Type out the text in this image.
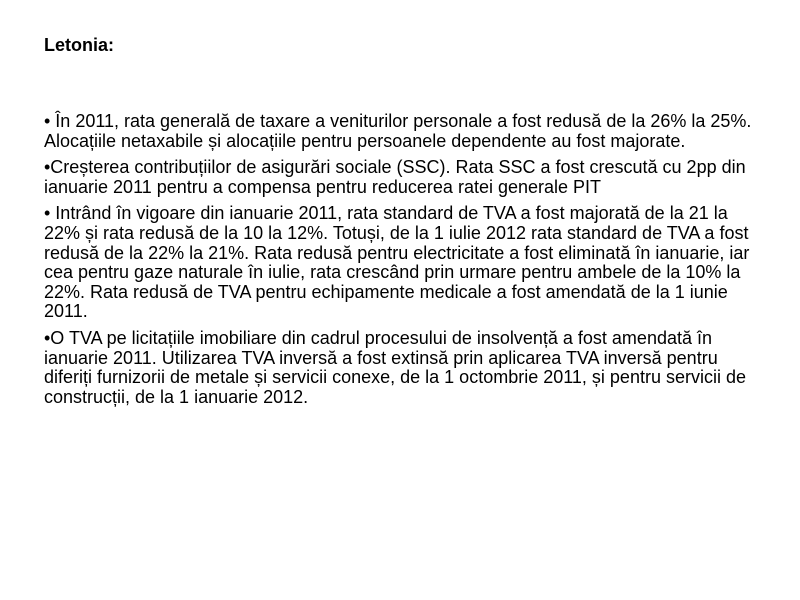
Letonia:
• În 2011, rata generală de taxare a veniturilor personale a fost redusă de la 26% la 25%. Alocațiile netaxabile și alocațiile pentru persoanele dependente au fost majorate.
•Creșterea contribuțiilor de asigurări sociale (SSC). Rata SSC a fost crescută cu 2pp din ianuarie 2011 pentru a compensa pentru reducerea ratei generale PIT
• Intrând în vigoare din ianuarie 2011, rata standard de TVA a fost majorată de la 21 la 22% și rata redusă de la 10 la 12%. Totuși, de la 1 iulie 2012 rata standard de TVA a fost redusă de la 22% la 21%. Rata redusă pentru electricitate a fost eliminată în ianuarie, iar cea pentru gaze naturale în iulie, rata crescând prin urmare pentru ambele de la 10% la 22%. Rata redusă de TVA pentru echipamente medicale a fost amendată de la 1 iunie 2011.
•O TVA pe licitațiile imobiliare din cadrul procesului de insolvență a fost amendată în ianuarie 2011. Utilizarea TVA inversă a fost extinsă prin aplicarea TVA inversă pentru diferiți furnizorii de metale și servicii conexe, de la 1 octombrie 2011, și pentru servicii de construcții, de la 1 ianuarie 2012.
